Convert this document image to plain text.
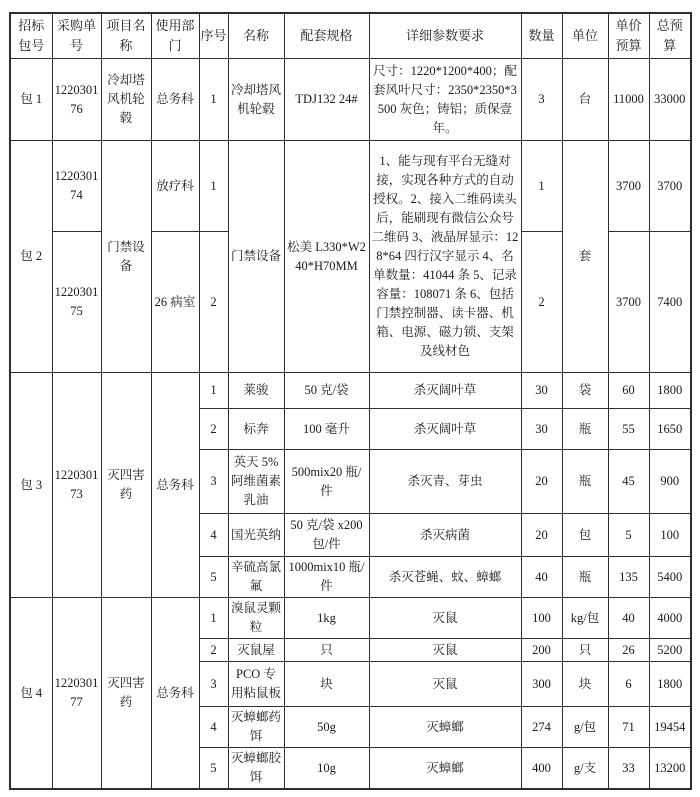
招标包号	采购单号	项目名称	使用部门	序号	名称	配套规格	详细参数要求	数量	单位	单价预算	总预算
包 1	122030176	冷却塔风机轮毂	总务科	1	冷却塔风机轮毂	TDJ132 24#	尺寸：1220*1200*400；配套风叶尺寸：2350*2350*3500 灰色；铸铝；质保壹年。	3	台	11000	33000
包 2	122030174	门禁设备	放疗科	1	门禁设备	松美 L330*W240*H70MM	1、能与现有平台无缝对接，实现各种方式的自动授权。2、接入二维码读头后，能刷现有微信公众号二维码 3、液晶屏显示：128*64 四行汉字显示 4、名单数量：41044 条 5、记录容量：108071 条 6、包括门禁控制器、读卡器、机箱、电源、磁力锁、支架及线材色	1	套	3700	3700
	122030175		26 病室	2				2		3700	7400
包 3	122030173	灭四害药	总务科	1	莱骏	50 克/袋	杀灭阔叶草	30	袋	60	1800
				2	标奔	100 毫升	杀灭阔叶草	30	瓶	55	1650
				3	英天 5%阿维菌素乳油	500mix20 瓶/件	杀灭青、芽虫	20	瓶	45	900
				4	国光英纳	50 克/袋 x200 包/件	杀灭病菌	20	包	5	100
				5	辛硫高氯氟	1000mix10 瓶/件	杀灭苍蝇、蚊、蟑螂	40	瓶	135	5400
包 4	122030177	灭四害药	总务科	1	溴鼠灵颗粒	1kg	灭鼠	100	kg/包	40	4000
				2	灭鼠屋	只	灭鼠	200	只	26	5200
				3	PCO 专用粘鼠板	块	灭鼠	300	块	6	1800
				4	灭蟑螂药饵	50g	灭蟑螂	274	g/包	71	19454
				5	灭蟑螂胶饵	10g	灭蟑螂	400	g/支	33	13200
